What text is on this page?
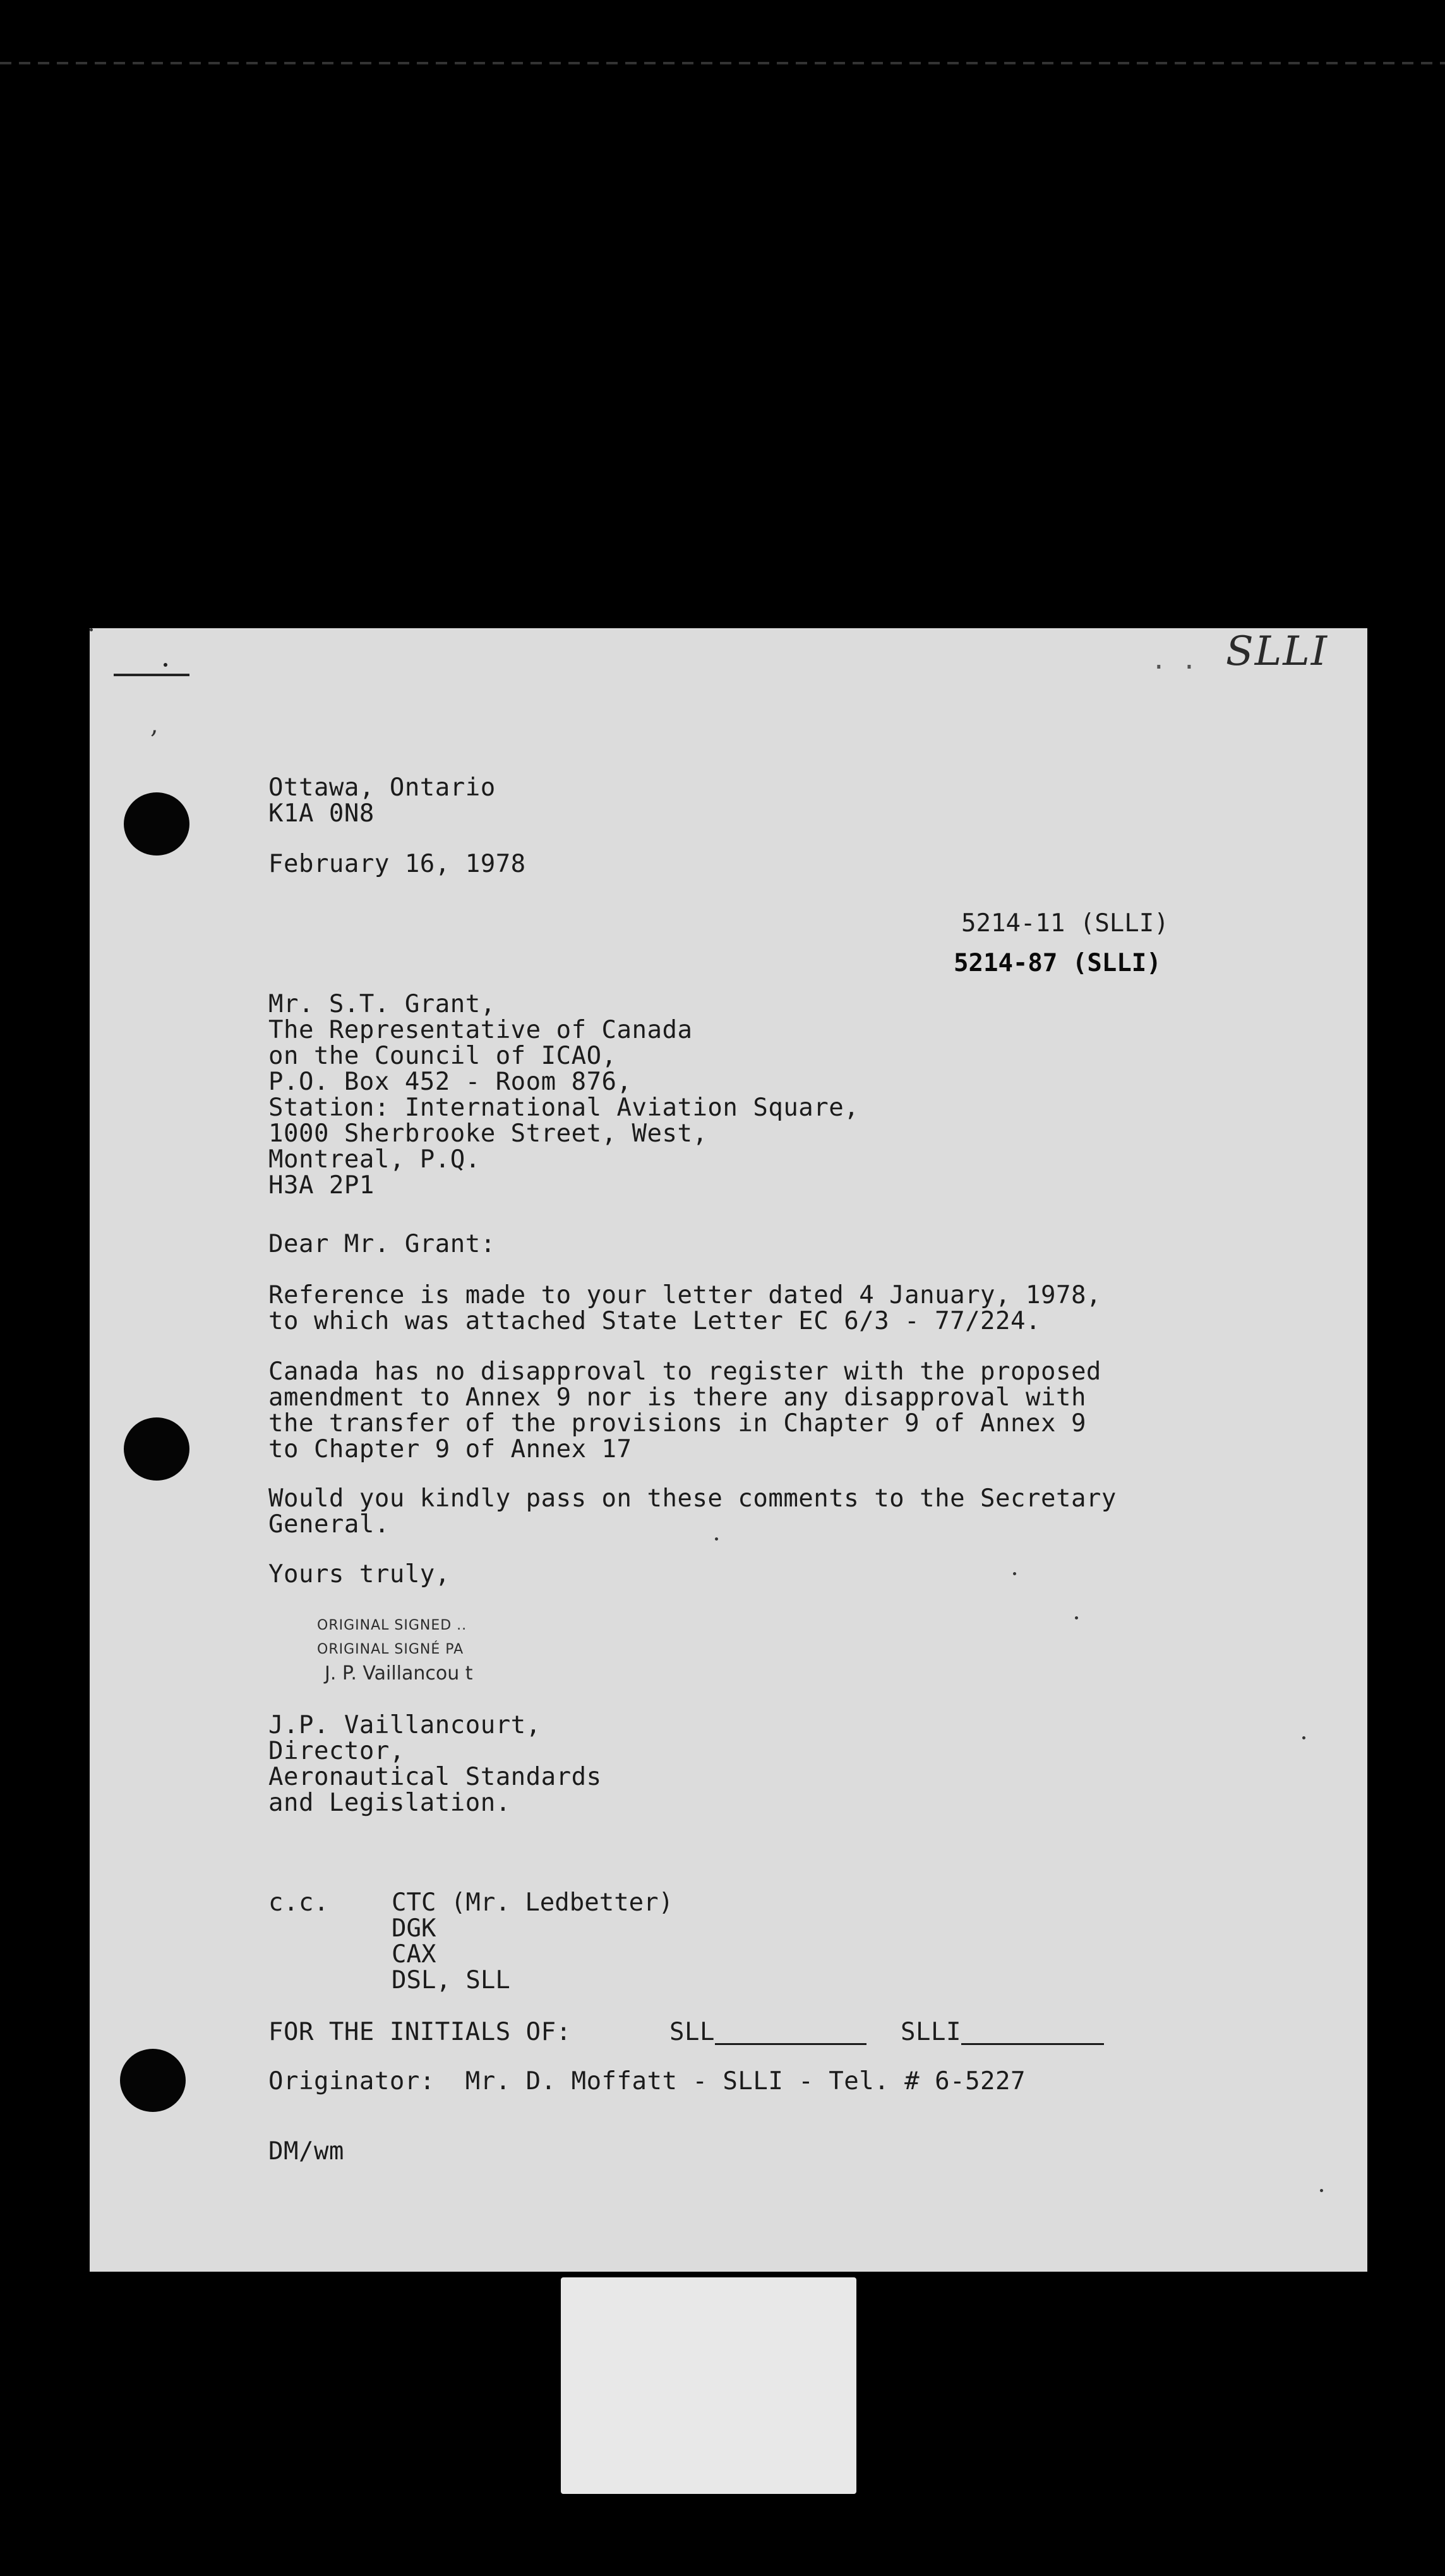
,
. . SLLI
Ottawa, Ontario
K1A 0N8
February 16, 1978
5214-11 (SLLI)
5214-87 (SLLI)
Mr. S.T. Grant,
The Representative of Canada
on the Council of ICAO,
P.O. Box 452 - Room 876,
Station: International Aviation Square,
1000 Sherbrooke Street, West,
Montreal, P.Q.
H3A 2P1
Dear Mr. Grant:
Reference is made to your letter dated 4 January, 1978,
to which was attached State Letter EC 6/3 - 77/224.
Canada has no disapproval to register with the proposed
amendment to Annex 9 nor is there any disapproval with
the transfer of the provisions in Chapter 9 of Annex 9
to Chapter 9 of Annex 17
Would you kindly pass on these comments to the Secretary
General.
Yours truly,
ORIGINAL SIGNED ..
ORIGINAL SIGNÉ PA
J. P. Vaillancou t
J.P. Vaillancourt,
Director,
Aeronautical Standards
and Legislation.
c.c.	CTC (Mr. Ledbetter)
DGK
CAX
DSL, SLL
FOR THE INITIALS OF:	SLL	SLLI
Originator:  Mr. D. Moffatt - SLLI - Tel. # 6-5227
DM/wm
